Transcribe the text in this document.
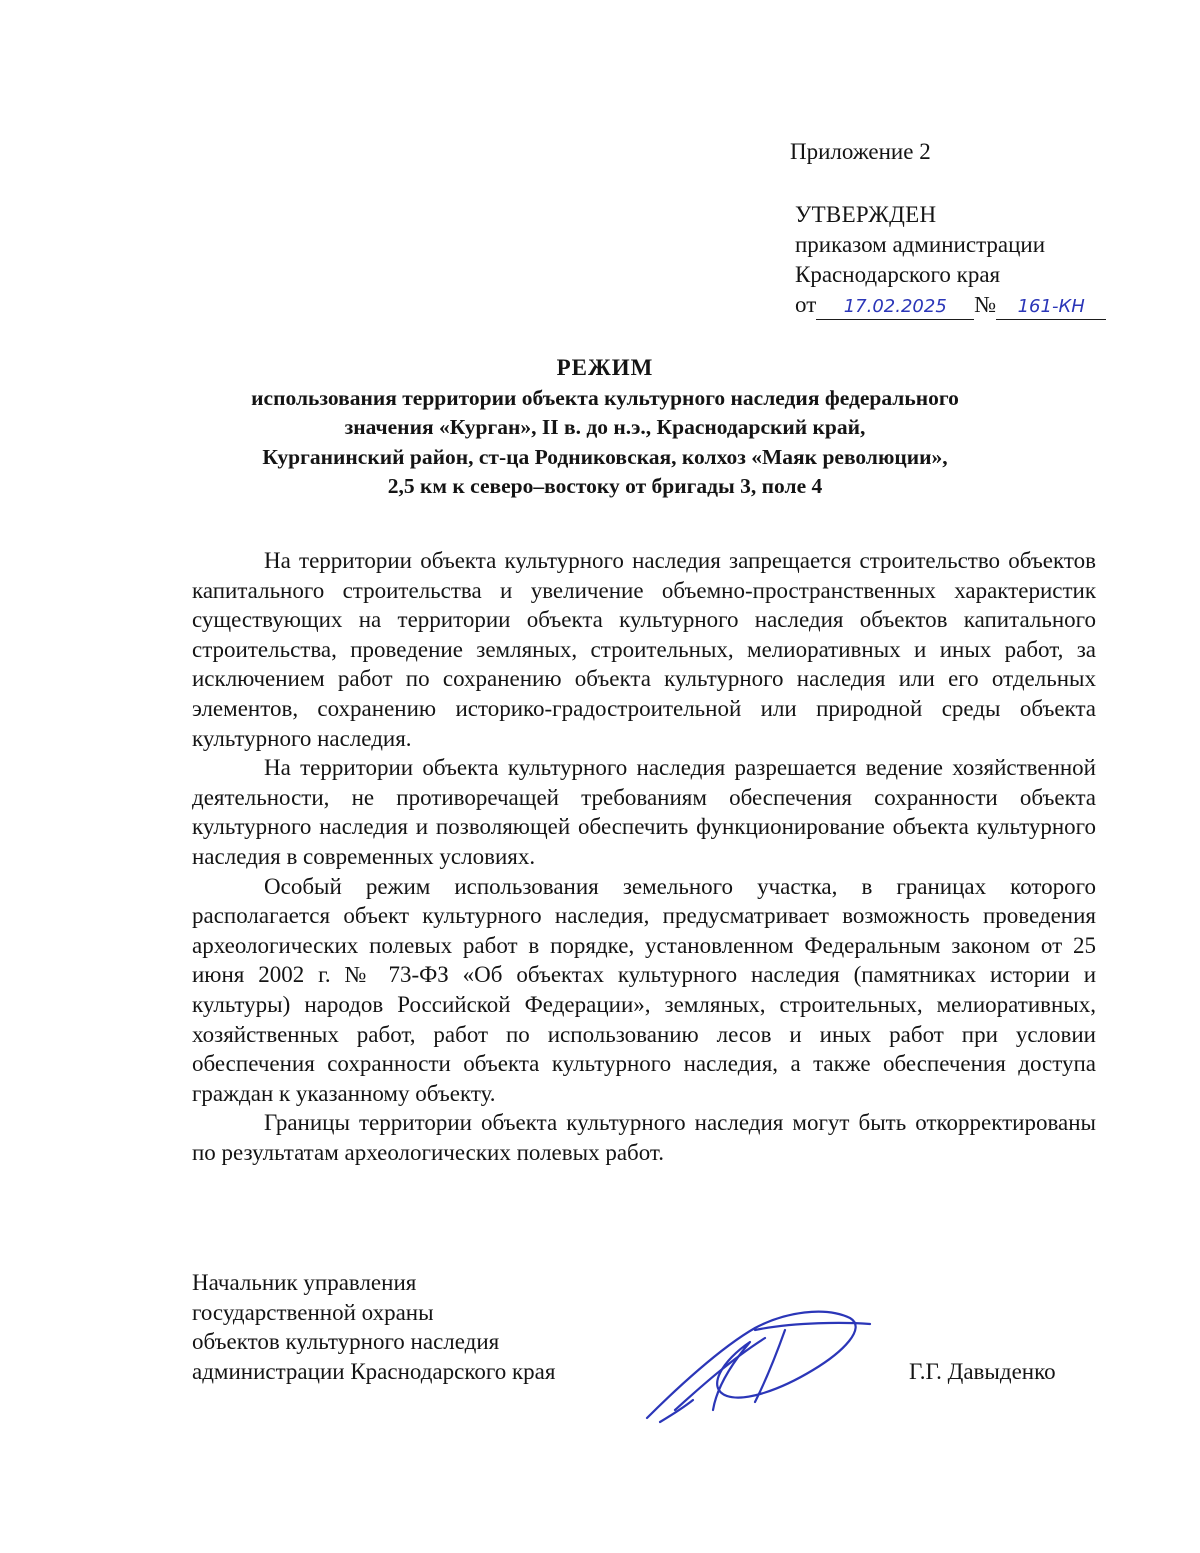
Приложение 2
УТВЕРЖДЕН
приказом администрации
Краснодарского края
от 17.02.2025 № 161-КН
РЕЖИМ
использования территории объекта культурного наследия федерального
значения «Курган», II в. до н.э., Краснодарский край,
Курганинский район, ст-ца Родниковская, колхоз «Маяк революции»,
2,5 км к северо–востоку от бригады 3, поле 4

На территории объекта культурного наследия запрещается строительство объектов капитального строительства и увеличение объемно-пространственных характеристик существующих на территории объекта культурного наследия объектов капитального строительства, проведение земляных, строительных, мелиоративных и иных работ, за исключением работ по сохранению объекта культурного наследия или его отдельных элементов, сохранению историко-градостроительной или природной среды объекта культурного наследия.

На территории объекта культурного наследия разрешается ведение хозяйственной деятельности, не противоречащей требованиям обеспечения сохранности объекта культурного наследия и позволяющей обеспечить функционирование объекта культурного наследия в современных условиях.

Особый режим использования земельного участка, в границах которого располагается объект культурного наследия, предусматривает возможность проведения археологических полевых работ в порядке, установленном Федеральным законом от 25 июня 2002 г. № 73-ФЗ «Об объектах культурного наследия (памятниках истории и культуры) народов Российской Федерации», земляных, строительных, мелиоративных, хозяйственных работ, работ по использованию лесов и иных работ при условии обеспечения сохранности объекта культурного наследия, а также обеспечения доступа граждан к указанному объекту.

Границы территории объекта культурного наследия могут быть откорректированы по результатам археологических полевых работ.

Начальник управления
государственной охраны
объектов культурного наследия
администрации Краснодарского края	Г.Г. Давыденко
